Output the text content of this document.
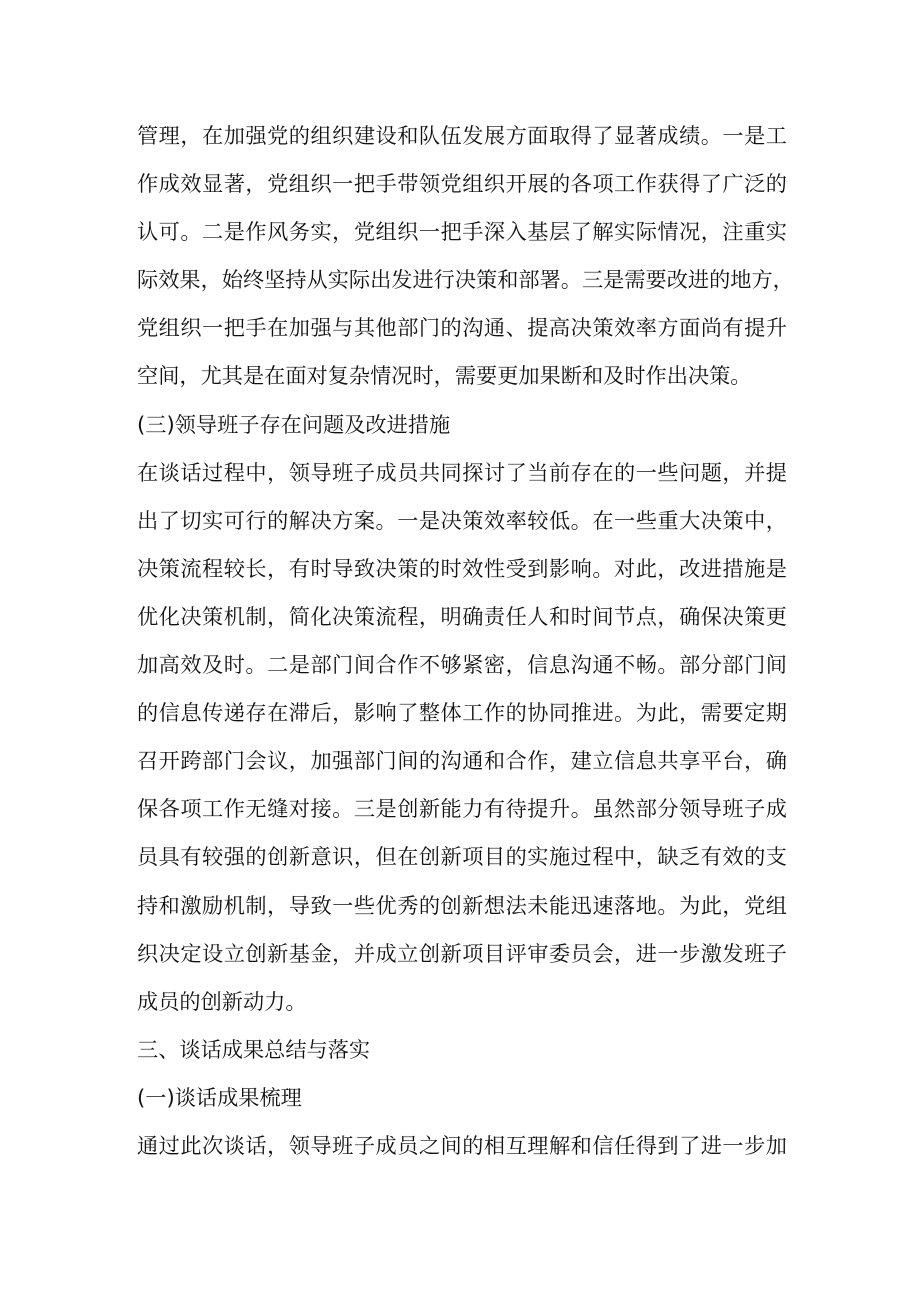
管理，在加强党的组织建设和队伍发展方面取得了显著成绩。一是工
作成效显著，党组织一把手带领党组织开展的各项工作获得了广泛的
认可。二是作风务实，党组织一把手深入基层了解实际情况，注重实
际效果，始终坚持从实际出发进行决策和部署。三是需要改进的地方，
党组织一把手在加强与其他部门的沟通、提高决策效率方面尚有提升
空间，尤其是在面对复杂情况时，需要更加果断和及时作出决策。
(三)领导班子存在问题及改进措施
在谈话过程中，领导班子成员共同探讨了当前存在的一些问题，并提
出了切实可行的解决方案。一是决策效率较低。在一些重大决策中，
决策流程较长，有时导致决策的时效性受到影响。对此，改进措施是
优化决策机制，简化决策流程，明确责任人和时间节点，确保决策更
加高效及时。二是部门间合作不够紧密，信息沟通不畅。部分部门间
的信息传递存在滞后，影响了整体工作的协同推进。为此，需要定期
召开跨部门会议，加强部门间的沟通和合作，建立信息共享平台，确
保各项工作无缝对接。三是创新能力有待提升。虽然部分领导班子成
员具有较强的创新意识，但在创新项目的实施过程中，缺乏有效的支
持和激励机制，导致一些优秀的创新想法未能迅速落地。为此，党组
织决定设立创新基金，并成立创新项目评审委员会，进一步激发班子
成员的创新动力。
三、谈话成果总结与落实
(一)谈话成果梳理
通过此次谈话，领导班子成员之间的相互理解和信任得到了进一步加
